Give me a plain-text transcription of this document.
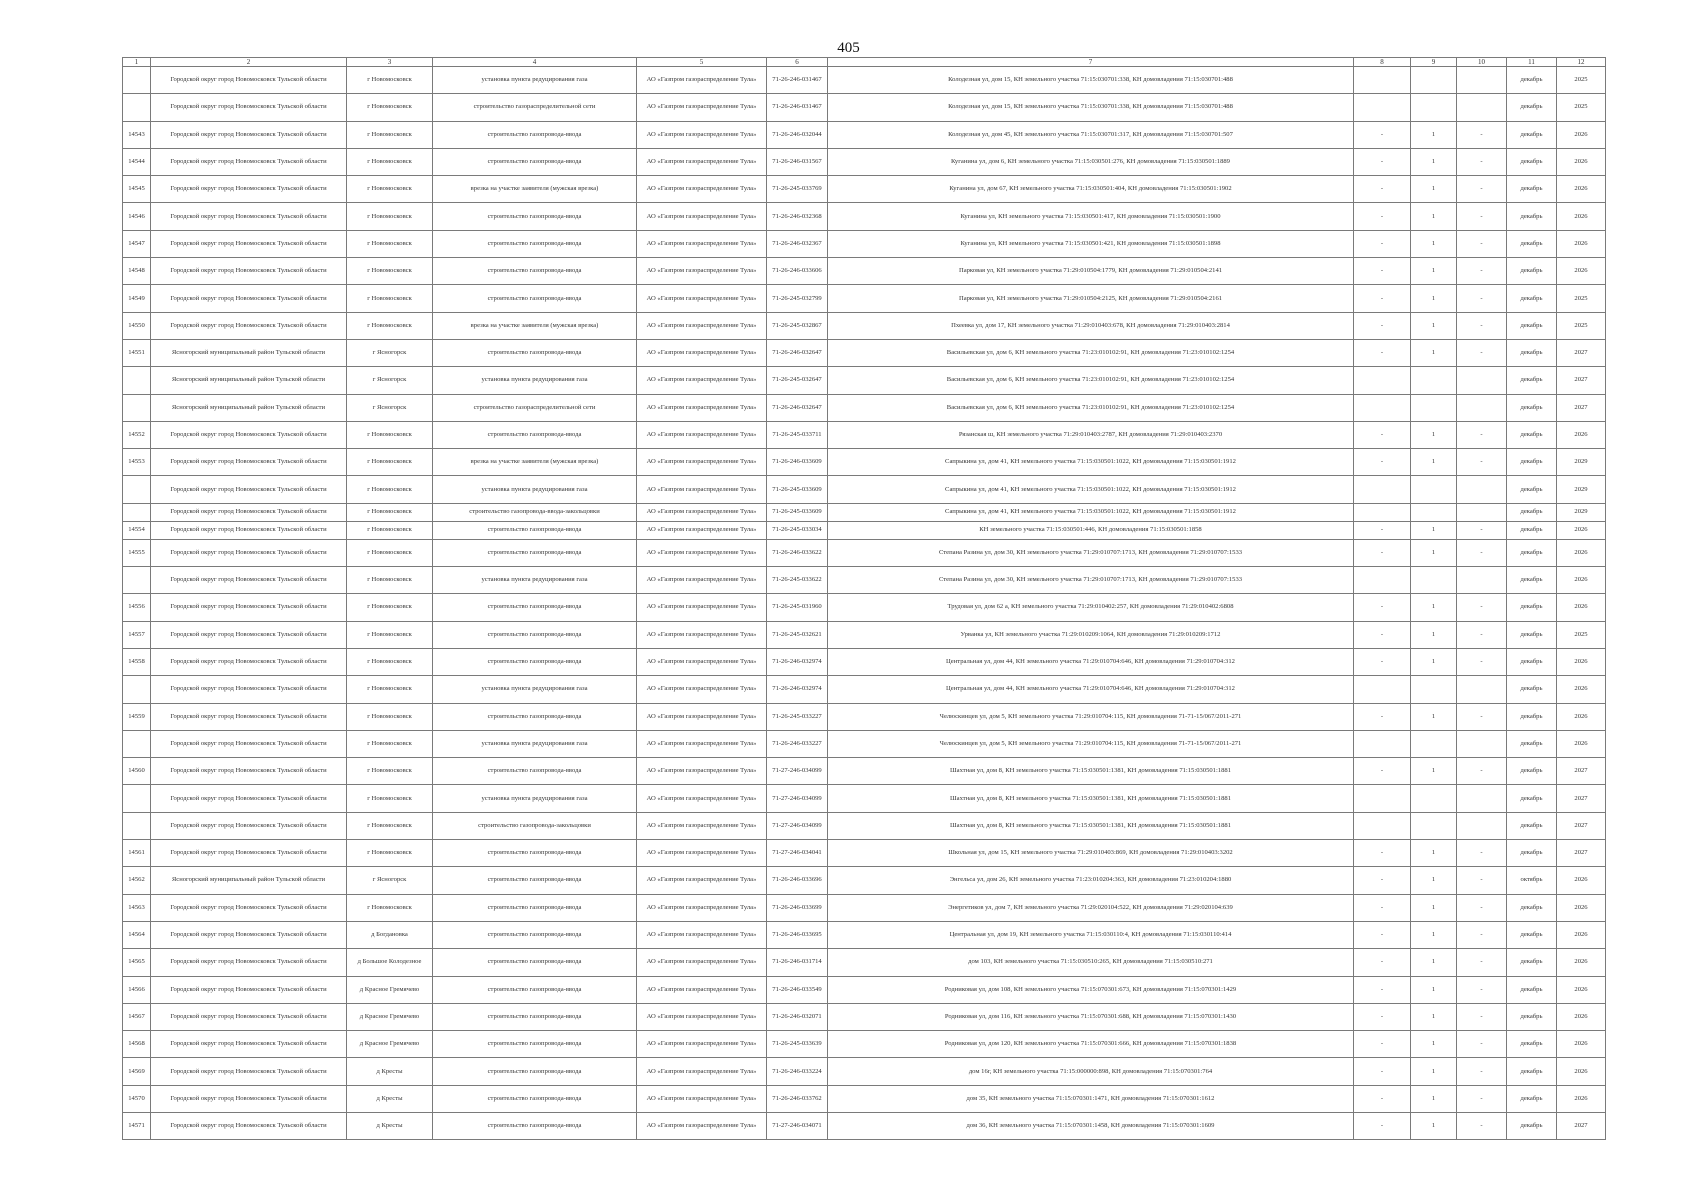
405
1	2	3	4	5	6	7	8	9	10	11	12
	Городской округ город Новомосковск Тульской области	г Новомосковск	установка пункта редуцирования газа	АО «Газпром газораспределение Тула»	71-26-246-031467	Колодезная ул, дом 15, КН земельного участка 71:15:030701:338, КН домовладения 71:15:030701:488				декабрь	2025
	Городской округ город Новомосковск Тульской области	г Новомосковск	строительство газораспределительной сети	АО «Газпром газораспределение Тула»	71-26-246-031467	Колодезная ул, дом 15, КН земельного участка 71:15:030701:338, КН домовладения 71:15:030701:488				декабрь	2025
14543	Городской округ город Новомосковск Тульской области	г Новомосковск	строительство газопровода-ввода	АО «Газпром газораспределение Тула»	71-26-246-032044	Колодезная ул, дом 45, КН земельного участка 71:15:030701:317, КН домовладения 71:15:030701:507	-	1	-	декабрь	2026
14544	Городской округ город Новомосковск Тульской области	г Новомосковск	строительство газопровода-ввода	АО «Газпром газораспределение Тула»	71-26-246-031567	Куганина ул, дом 6, КН земельного участка 71:15:030501:276, КН домовладения 71:15:030501:1889	-	1	-	декабрь	2026
14545	Городской округ город Новомосковск Тульской области	г Новомосковск	врезка на участке заявителя (мужская врезка)	АО «Газпром газораспределение Тула»	71-26-245-033769	Куганина ул, дом 67, КН земельного участка 71:15:030501:404, КН домовладения 71:15:030501:1902	-	1	-	декабрь	2026
14546	Городской округ город Новомосковск Тульской области	г Новомосковск	строительство газопровода-ввода	АО «Газпром газораспределение Тула»	71-26-246-032368	Куганина ул, КН земельного участка 71:15:030501:417, КН домовладения 71:15:030501:1900	-	1	-	декабрь	2026
14547	Городской округ город Новомосковск Тульской области	г Новомосковск	строительство газопровода-ввода	АО «Газпром газораспределение Тула»	71-26-246-032367	Куганина ул, КН земельного участка 71:15:030501:421, КН домовладения 71:15:030501:1898	-	1	-	декабрь	2026
14548	Городской округ город Новомосковск Тульской области	г Новомосковск	строительство газопровода-ввода	АО «Газпром газораспределение Тула»	71-26-246-033606	Парковая ул, КН земельного участка 71:29:010504:1779, КН домовладения 71:29:010504:2141	-	1	-	декабрь	2026
14549	Городской округ город Новомосковск Тульской области	г Новомосковск	строительство газопровода-ввода	АО «Газпром газораспределение Тула»	71-26-245-032799	Парковая ул, КН земельного участка 71:29:010504:2125, КН домовладения 71:29:010504:2161	-	1	-	декабрь	2025
14550	Городской округ город Новомосковск Тульской области	г Новомосковск	врезка на участке заявителя (мужская врезка)	АО «Газпром газораспределение Тула»	71-26-245-032867	Пхеевка ул, дом 17, КН земельного участка 71:29:010403:678, КН домовладения 71:29:010403:2814	-	1	-	декабрь	2025
14551	Ясногорский муниципальный район Тульской области	г Ясногорск	строительство газопровода-ввода	АО «Газпром газораспределение Тула»	71-26-246-032647	Васильевская ул, дом 6, КН земельного участка 71:23:010102:91, КН домовладения 71:23:010102:1254	-	1	-	декабрь	2027
	Ясногорский муниципальный район Тульской области	г Ясногорск	установка пункта редуцирования газа	АО «Газпром газораспределение Тула»	71-26-245-032647	Васильевская ул, дом 6, КН земельного участка 71:23:010102:91, КН домовладения 71:23:010102:1254				декабрь	2027
	Ясногорский муниципальный район Тульской области	г Ясногорск	строительство газораспределительной сети	АО «Газпром газораспределение Тула»	71-26-246-032647	Васильевская ул, дом 6, КН земельного участка 71:23:010102:91, КН домовладения 71:23:010102:1254				декабрь	2027
14552	Городской округ город Новомосковск Тульской области	г Новомосковск	строительство газопровода-ввода	АО «Газпром газораспределение Тула»	71-26-245-033711	Рязанская ш, КН земельного участка 71:29:010403:2787, КН домовладения 71:29:010403:2370	-	1	-	декабрь	2026
14553	Городской округ город Новомосковск Тульской области	г Новомосковск	врезка на участке заявителя (мужская врезка)	АО «Газпром газораспределение Тула»	71-26-246-033609	Сапрыкина ул, дом 41, КН земельного участка 71:15:030501:1022, КН домовладения 71:15:030501:1912	-	1	-	декабрь	2029
	Городской округ город Новомосковск Тульской области	г Новомосковск	установка пункта редуцирования газа	АО «Газпром газораспределение Тула»	71-26-245-033609	Сапрыкина ул, дом 41, КН земельного участка 71:15:030501:1022, КН домовладения 71:15:030501:1912				декабрь	2029
	Городской округ город Новомосковск Тульской области	г Новомосковск	строительство газопровода-ввода-закольцовки	АО «Газпром газораспределение Тула»	71-26-245-033609	Сапрыкина ул, дом 41, КН земельного участка 71:15:030501:1022, КН домовладения 71:15:030501:1912				декабрь	2029
14554	Городской округ город Новомосковск Тульской области	г Новомосковск	строительство газопровода-ввода	АО «Газпром газораспределение Тула»	71-26-245-033034	КН земельного участка 71:15:030501:446, КН домовладения 71:15:030501:1858	-	1	-	декабрь	2026
14555	Городской округ город Новомосковск Тульской области	г Новомосковск	строительство газопровода-ввода	АО «Газпром газораспределение Тула»	71-26-246-033622	Степана Разина ул, дом 30, КН земельного участка 71:29:010707:1713, КН домовладения 71:29:010707:1533	-	1	-	декабрь	2026
	Городской округ город Новомосковск Тульской области	г Новомосковск	установка пункта редуцирования газа	АО «Газпром газораспределение Тула»	71-26-245-033622	Степана Разина ул, дом 30, КН земельного участка 71:29:010707:1713, КН домовладения 71:29:010707:1533				декабрь	2026
14556	Городской округ город Новомосковск Тульской области	г Новомосковск	строительство газопровода-ввода	АО «Газпром газораспределение Тула»	71-26-245-031960	Трудовая ул, дом 62 а, КН земельного участка 71:29:010402:257, КН домовладения 71:29:010402:6808	-	1	-	декабрь	2026
14557	Городской округ город Новомосковск Тульской области	г Новомосковск	строительство газопровода-ввода	АО «Газпром газораспределение Тула»	71-26-245-032621	Урванка ул, КН земельного участка 71:29:010209:1064, КН домовладения 71:29:010209:1712	-	1	-	декабрь	2025
14558	Городской округ город Новомосковск Тульской области	г Новомосковск	строительство газопровода-ввода	АО «Газпром газораспределение Тула»	71-26-246-032974	Центральная ул, дом 44, КН земельного участка 71:29:010704:646, КН домовладения 71:29:010704:312	-	1	-	декабрь	2026
	Городской округ город Новомосковск Тульской области	г Новомосковск	установка пункта редуцирования газа	АО «Газпром газораспределение Тула»	71-26-246-032974	Центральная ул, дом 44, КН земельного участка 71:29:010704:646, КН домовладения 71:29:010704:312				декабрь	2026
14559	Городской округ город Новомосковск Тульской области	г Новомосковск	строительство газопровода-ввода	АО «Газпром газораспределение Тула»	71-26-245-033227	Челюскинцев ул, дом 5, КН земельного участка 71:29:010704:115, КН домовладения 71-71-15/067/2011-271	-	1	-	декабрь	2026
	Городской округ город Новомосковск Тульской области	г Новомосковск	установка пункта редуцирования газа	АО «Газпром газораспределение Тула»	71-26-246-033227	Челюскинцев ул, дом 5, КН земельного участка 71:29:010704:115, КН домовладения 71-71-15/067/2011-271				декабрь	2026
14560	Городской округ город Новомосковск Тульской области	г Новомосковск	строительство газопровода-ввода	АО «Газпром газораспределение Тула»	71-27-246-034099	Шахтная ул, дом 8, КН земельного участка 71:15:030501:1381, КН домовладения 71:15:030501:1881	-	1	-	декабрь	2027
	Городской округ город Новомосковск Тульской области	г Новомосковск	установка пункта редуцирования газа	АО «Газпром газораспределение Тула»	71-27-246-034099	Шахтная ул, дом 8, КН земельного участка 71:15:030501:1381, КН домовладения 71:15:030501:1881				декабрь	2027
	Городской округ город Новомосковск Тульской области	г Новомосковск	строительство газопровода-закольцовки	АО «Газпром газораспределение Тула»	71-27-246-034099	Шахтная ул, дом 8, КН земельного участка 71:15:030501:1381, КН домовладения 71:15:030501:1881				декабрь	2027
14561	Городской округ город Новомосковск Тульской области	г Новомосковск	строительство газопровода-ввода	АО «Газпром газораспределение Тула»	71-27-246-034041	Школьная ул, дом 15, КН земельного участка 71:29:010403:869, КН домовладения 71:29:010403:3202	-	1	-	декабрь	2027
14562	Ясногорский муниципальный район Тульской области	г Ясногорск	строительство газопровода-ввода	АО «Газпром газораспределение Тула»	71-26-246-033696	Энгельса ул, дом 26, КН земельного участка 71:23:010204:363, КН домовладения 71:23:010204:1880	-	1	-	октябрь	2026
14563	Городской округ город Новомосковск Тульской области	г Новомосковск	строительство газопровода-ввода	АО «Газпром газораспределение Тула»	71-26-246-033699	Энергетиков ул, дом 7, КН земельного участка 71:29:020104:522, КН домовладения 71:29:020104:639	-	1	-	декабрь	2026
14564	Городской округ город Новомосковск Тульской области	д Богдановка	строительство газопровода-ввода	АО «Газпром газораспределение Тула»	71-26-246-033695	Центральная ул, дом 19, КН земельного участка 71:15:030110:4, КН домовладения 71:15:030110:414	-	1	-	декабрь	2026
14565	Городской округ город Новомосковск Тульской области	д Большое Колодезное	строительство газопровода-ввода	АО «Газпром газораспределение Тула»	71-26-246-031714	дом 103, КН земельного участка 71:15:030510:265, КН домовладения 71:15:030510:271	-	1	-	декабрь	2026
14566	Городской округ город Новомосковск Тульской области	д Красное Гремячево	строительство газопровода-ввода	АО «Газпром газораспределение Тула»	71-26-246-033549	Родниковая ул, дом 108, КН земельного участка 71:15:070301:673, КН домовладения 71:15:070301:1429	-	1	-	декабрь	2026
14567	Городской округ город Новомосковск Тульской области	д Красное Гремячево	строительство газопровода-ввода	АО «Газпром газораспределение Тула»	71-26-246-032071	Родниковая ул, дом 116, КН земельного участка 71:15:070301:688, КН домовладения 71:15:070301:1430	-	1	-	декабрь	2026
14568	Городской округ город Новомосковск Тульской области	д Красное Гремячево	строительство газопровода-ввода	АО «Газпром газораспределение Тула»	71-26-245-033639	Родниковая ул, дом 120, КН земельного участка 71:15:070301:666, КН домовладения 71:15:070301:1838	-	1	-	декабрь	2026
14569	Городской округ город Новомосковск Тульской области	д Кресты	строительство газопровода-ввода	АО «Газпром газораспределение Тула»	71-26-246-033224	дом 16г, КН земельного участка 71:15:000000:898, КН домовладения 71:15:070301:764	-	1	-	декабрь	2026
14570	Городской округ город Новомосковск Тульской области	д Кресты	строительство газопровода-ввода	АО «Газпром газораспределение Тула»	71-26-246-033762	дом 35, КН земельного участка 71:15:070301:1471, КН домовладения 71:15:070301:1612	-	1	-	декабрь	2026
14571	Городской округ город Новомосковск Тульской области	д Кресты	строительство газопровода-ввода	АО «Газпром газораспределение Тула»	71-27-246-034071	дом 36, КН земельного участка 71:15:070301:1458, КН домовладения 71:15:070301:1609	-	1	-	декабрь	2027
